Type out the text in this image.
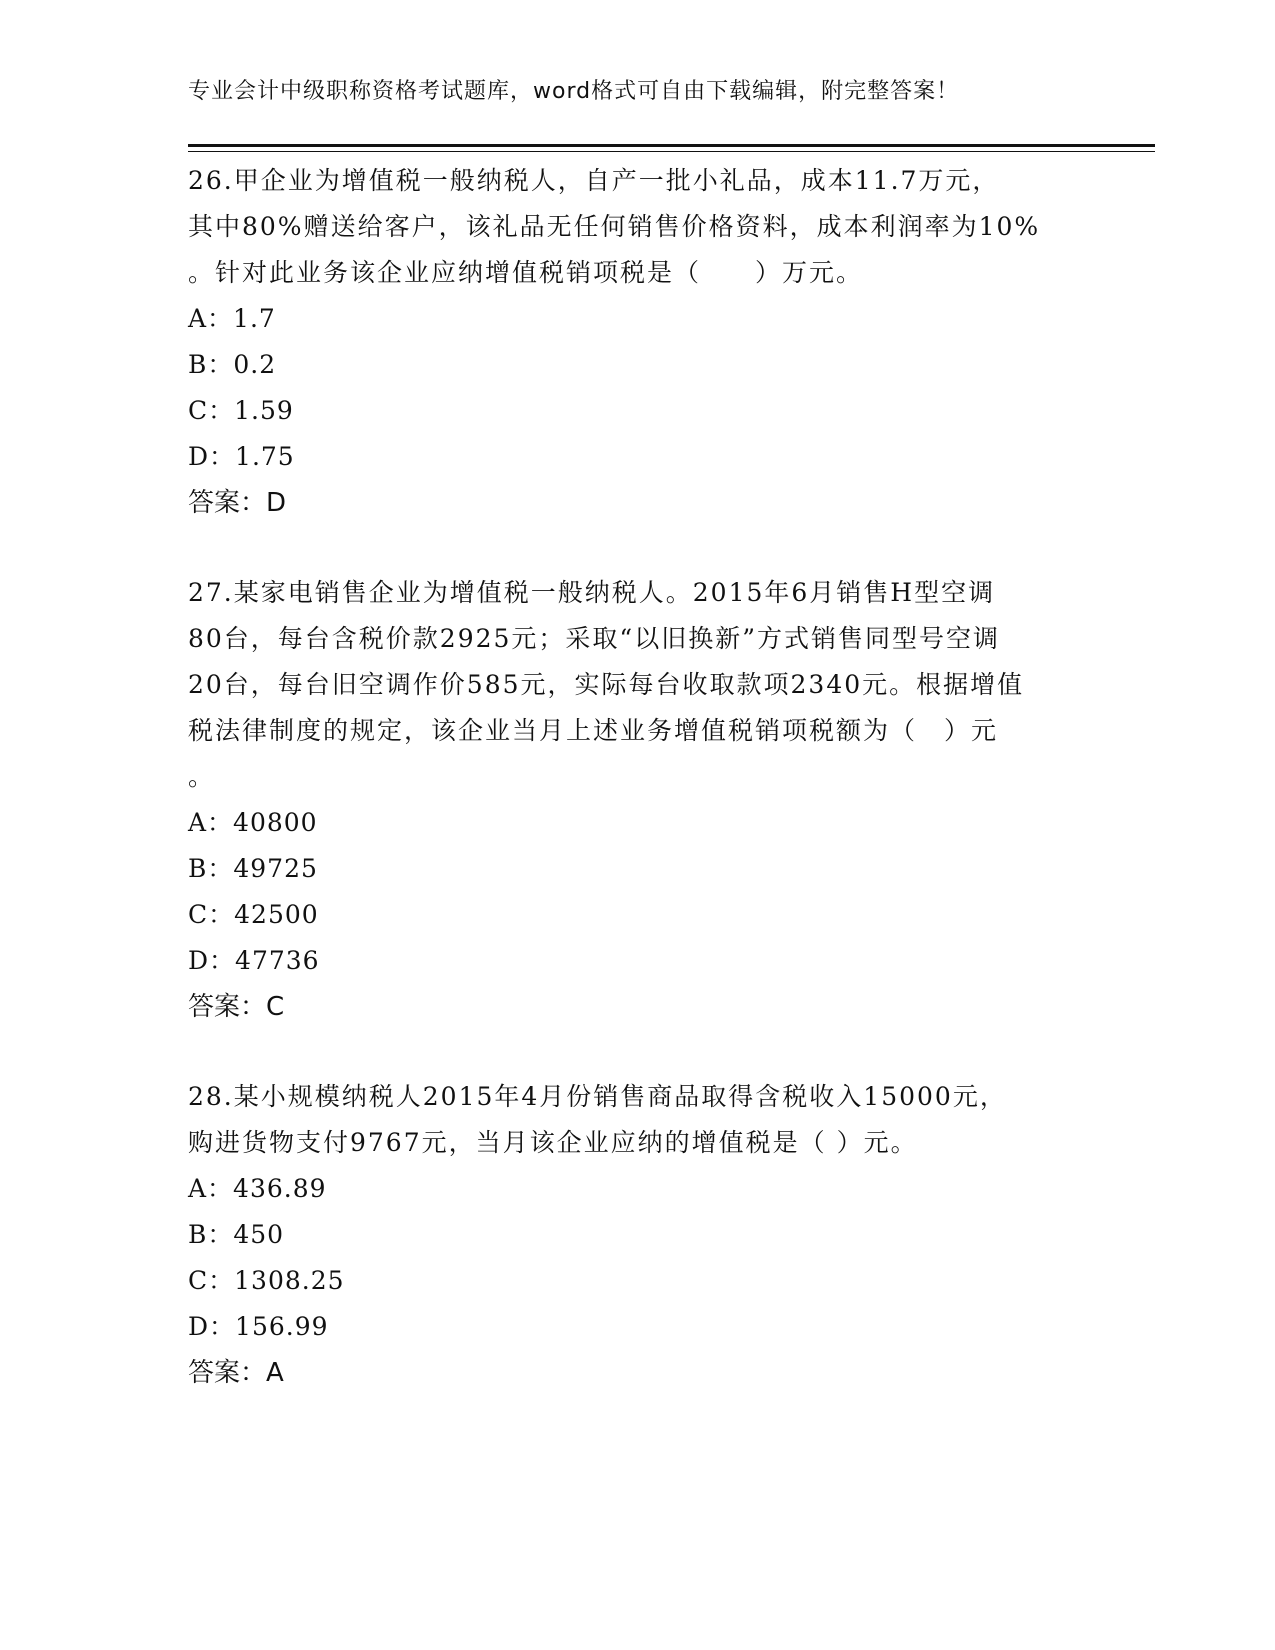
专业会计中级职称资格考试题库，word格式可自由下载编辑，附完整答案！
26.甲企业为增值税一般纳税人，自产一批小礼品，成本11.7万元，
其中80%赠送给客户，该礼品无任何销售价格资料，成本利润率为10%
。针对此业务该企业应纳增值税销项税是（　　）万元。
A：1.7
B：0.2
C：1.59
D：1.75
答案：D
27.某家电销售企业为增值税一般纳税人。2015年6月销售H型空调
80台，每台含税价款2925元；采取“以旧换新”方式销售同型号空调
20台，每台旧空调作价585元，实际每台收取款项2340元。根据增值
税法律制度的规定，该企业当月上述业务增值税销项税额为（　）元
。
A：40800
B：49725
C：42500
D：47736
答案：C
28.某小规模纳税人2015年4月份销售商品取得含税收入15000元，
购进货物支付9767元，当月该企业应纳的增值税是（ ）元。
A：436.89
B：450
C：1308.25
D：156.99
答案：A
